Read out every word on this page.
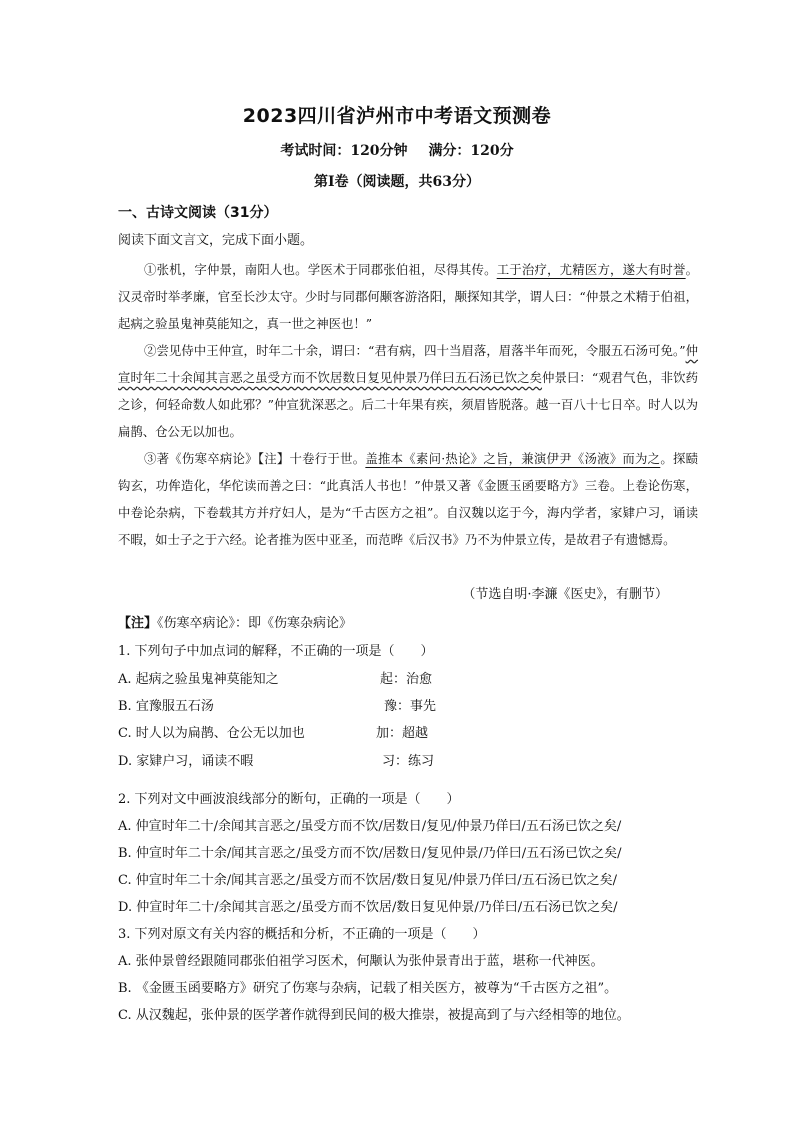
2023四川省泸州市中考语文预测卷
考试时间：120分钟 满分：120分
第Ⅰ卷（阅读题，共63分）
一、古诗文阅读（31分）
阅读下面文言文，完成下面小题。

①张机，字仲景，南阳人也。学医术于同郡张伯祖，尽得其传。工于治疗，尤精医方，遂大有时誉。汉灵帝时举孝廉，官至长沙太守。少时与同郡何颙客游洛阳，颙探知其学，谓人曰：“仲景之术精于伯祖，起病之验虽鬼神莫能知之，真一世之神医也！”

②尝见侍中王仲宣，时年二十余，谓曰：“君有病，四十当眉落，眉落半年而死，令服五石汤可免。”仲宣时年二十余闻其言恶之虽受方而不饮居数日复见仲景乃佯曰五石汤已饮之矣仲景曰：“观君气色，非饮药之诊，何轻命数人如此邪？”仲宣犹深恶之。后二十年果有疾，须眉皆脱落。越一百八十七日卒。时人以为扁鹊、仓公无以加也。

③著《伤寒卒病论》【注】十卷行于世。盖推本《素问·热论》之旨，兼演伊尹《汤液》而为之。探赜钩玄，功侔造化，华佗读而善之曰：“此真活人书也！”仲景又著《金匮玉函要略方》三卷。上卷论伤寒，中卷论杂病，下卷载其方并疗妇人，是为“千古医方之祖”。自汉魏以迄于今，海内学者，家肄户习，诵读不暇，如士子之于六经。论者推为医中亚圣，而范晔《后汉书》乃不为仲景立传，是故君子有遗憾焉。

（节选自明·李濂《医史》，有删节）
【注】《伤寒卒病论》：即《伤寒杂病论》
1. 下列句子中加点词的解释，不正确的一项是（　　）
A. 起病之验虽鬼神莫能知之	起：治愈
B. 宜豫服五石汤	豫：事先
C. 时人以为扁鹊、仓公无以加也	加：超越
D. 家肄户习，诵读不暇	习：练习
2. 下列对文中画波浪线部分的断句，正确的一项是（　　）
A. 仲宣时年二十/余闻其言恶之/虽受方而不饮/居数日/复见/仲景乃佯曰/五石汤已饮之矣/
B. 仲宣时年二十余/闻其言恶之/虽受方而不饮/居数日/复见仲景/乃佯曰/五石汤已饮之矣/
C. 仲宣时年二十余/闻其言恶之/虽受方而不饮居/数日复见/仲景乃佯曰/五石汤已饮之矣/
D. 仲宣时年二十/余闻其言恶之/虽受方而不饮居/数日复见仲景/乃佯曰/五石汤已饮之矣/
3. 下列对原文有关内容的概括和分析，不正确的一项是（　　）
A. 张仲景曾经跟随同郡张伯祖学习医术，何颙认为张仲景青出于蓝，堪称一代神医。
B. 《金匮玉函要略方》研究了伤寒与杂病，记载了相关医方，被尊为“千古医方之祖”。
C. 从汉魏起，张仲景的医学著作就得到民间的极大推崇，被提高到了与六经相等的地位。
